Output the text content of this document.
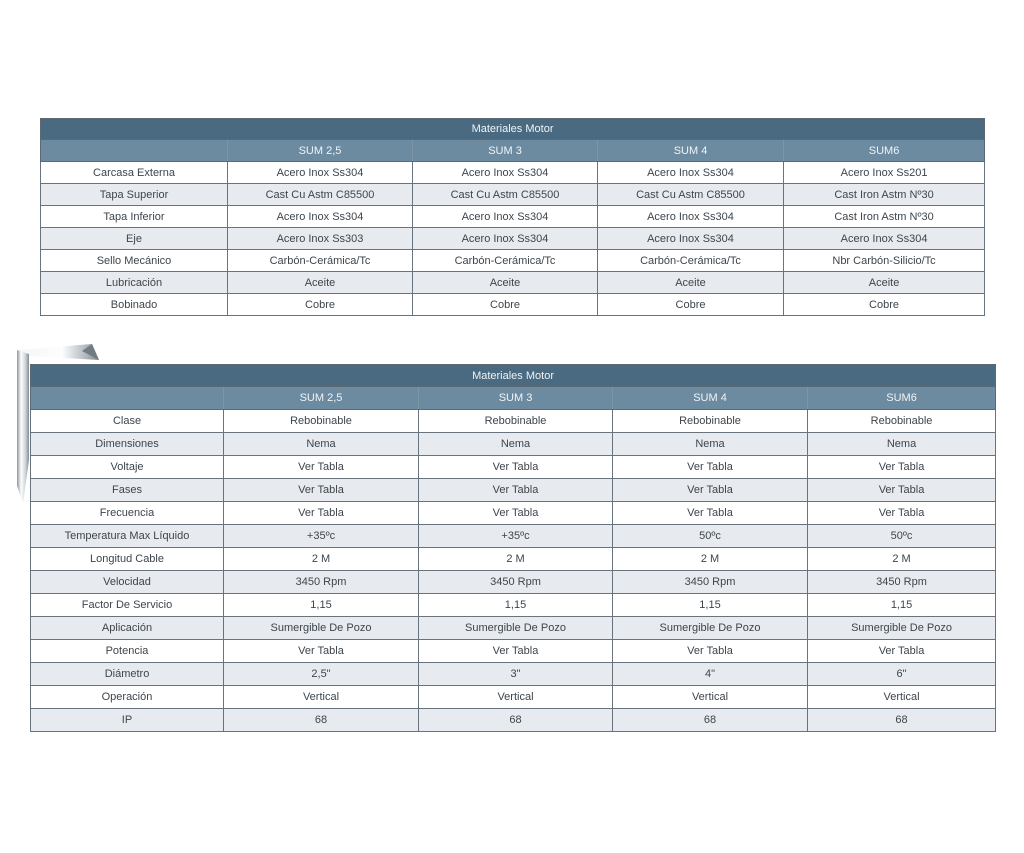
Materiales Motor				
	SUM 2,5	SUM 3	SUM 4	SUM6
Carcasa Externa	Acero Inox Ss304	Acero Inox Ss304	Acero Inox Ss304	Acero Inox Ss201
Tapa Superior	Cast Cu Astm C85500	Cast Cu Astm C85500	Cast Cu Astm C85500	Cast Iron Astm Nº30
Tapa Inferior	Acero Inox Ss304	Acero Inox Ss304	Acero Inox Ss304	Cast Iron Astm Nº30
Eje	Acero Inox Ss303	Acero Inox Ss304	Acero Inox Ss304	Acero Inox Ss304
Sello Mecánico	Carbón-Cerámica/Tc	Carbón-Cerámica/Tc	Carbón-Cerámica/Tc	Nbr Carbón-Silicio/Tc
Lubricación	Aceite	Aceite	Aceite	Aceite
Bobinado	Cobre	Cobre	Cobre	Cobre
Materiales Motor				
	SUM 2,5	SUM 3	SUM 4	SUM6
Clase	Rebobinable	Rebobinable	Rebobinable	Rebobinable
Dimensiones	Nema	Nema	Nema	Nema
Voltaje	Ver Tabla	Ver Tabla	Ver Tabla	Ver Tabla
Fases	Ver Tabla	Ver Tabla	Ver Tabla	Ver Tabla
Frecuencia	Ver Tabla	Ver Tabla	Ver Tabla	Ver Tabla
Temperatura Max Líquido	+35ºc	+35ºc	50ºc	50ºc
Longitud Cable	2 M	2 M	2 M	2 M
Velocidad	3450 Rpm	3450 Rpm	3450 Rpm	3450 Rpm
Factor De Servicio	1,15	1,15	1,15	1,15
Aplicación	Sumergible De Pozo	Sumergible De Pozo	Sumergible De Pozo	Sumergible De Pozo
Potencia	Ver Tabla	Ver Tabla	Ver Tabla	Ver Tabla
Diámetro	2,5"	3"	4"	6"
Operación	Vertical	Vertical	Vertical	Vertical
IP	68	68	68	68
